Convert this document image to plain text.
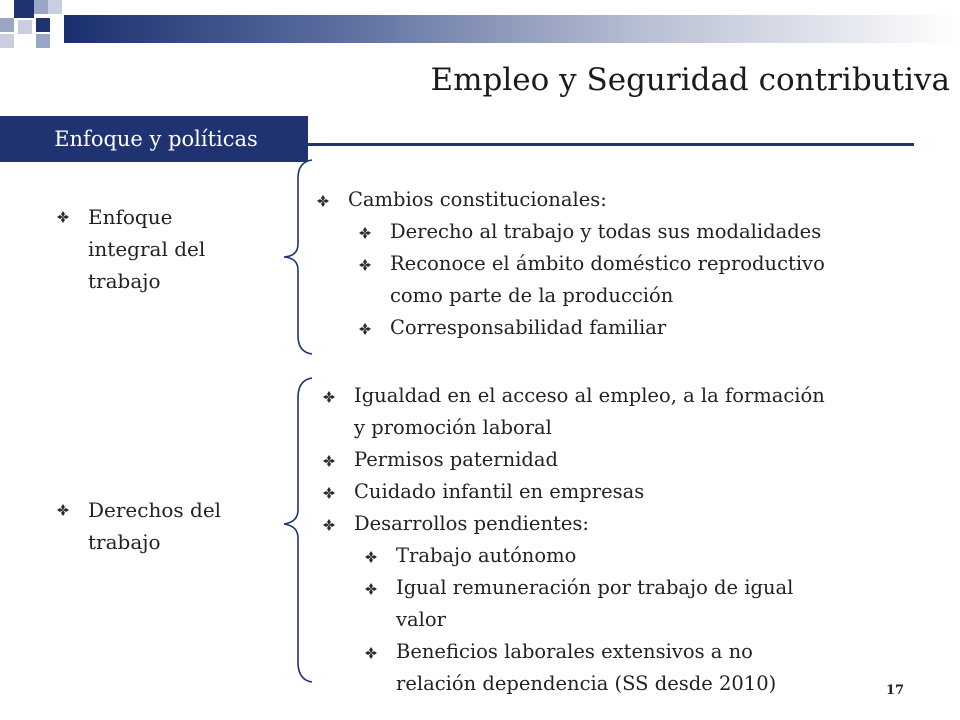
Empleo y Seguridad contributiva
Enfoque y políticas
Enfoque
integral del
trabajo
Cambios constitucionales:
Derecho al trabajo y todas sus modalidades
Reconoce el ámbito doméstico reproductivo
como parte de la producción
Corresponsabilidad familiar
Derechos del
trabajo
Igualdad en el acceso al empleo, a la formación
y promoción laboral
Permisos paternidad
Cuidado infantil en empresas
Desarrollos pendientes:
Trabajo autónomo
Igual remuneración por trabajo de igual
valor
Beneficios laborales extensivos a no
relación dependencia (SS desde 2010)	17
